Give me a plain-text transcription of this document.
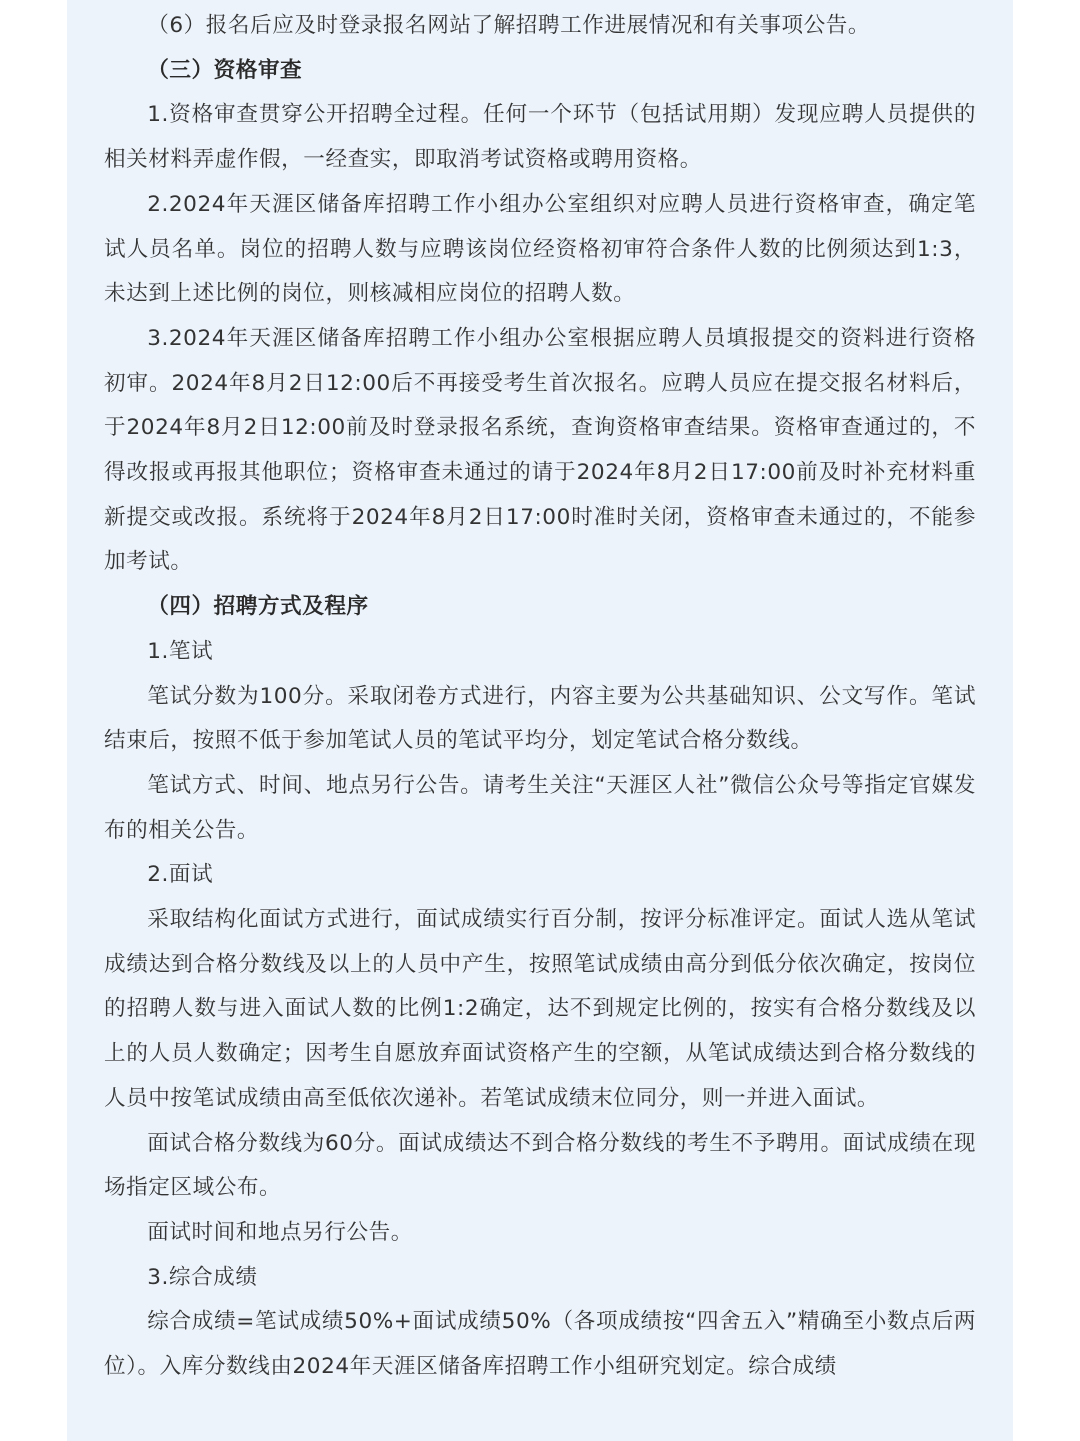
（6）报名后应及时登录报名网站了解招聘工作进展情况和有关事项公告。

（三）资格审查

1.资格审查贯穿公开招聘全过程。任何一个环节（包括试用期）发现应聘人员提供的相关材料弄虚作假，一经查实，即取消考试资格或聘用资格。

2.2024年天涯区储备库招聘工作小组办公室组织对应聘人员进行资格审查，确定笔试人员名单。岗位的招聘人数与应聘该岗位经资格初审符合条件人数的比例须达到1:3，未达到上述比例的岗位，则核减相应岗位的招聘人数。

3.2024年天涯区储备库招聘工作小组办公室根据应聘人员填报提交的资料进行资格初审。2024年8月2日12:00后不再接受考生首次报名。应聘人员应在提交报名材料后，于2024年8月2日12:00前及时登录报名系统，查询资格审查结果。资格审查通过的，不得改报或再报其他职位；资格审查未通过的请于2024年8月2日17:00前及时补充材料重新提交或改报。系统将于2024年8月2日17:00时准时关闭，资格审查未通过的，不能参加考试。

（四）招聘方式及程序

1.笔试

笔试分数为100分。采取闭卷方式进行，内容主要为公共基础知识、公文写作。笔试结束后，按照不低于参加笔试人员的笔试平均分，划定笔试合格分数线。

笔试方式、时间、地点另行公告。请考生关注“天涯区人社”微信公众号等指定官媒发布的相关公告。

2.面试

采取结构化面试方式进行，面试成绩实行百分制，按评分标准评定。面试人选从笔试成绩达到合格分数线及以上的人员中产生，按照笔试成绩由高分到低分依次确定，按岗位的招聘人数与进入面试人数的比例1:2确定，达不到规定比例的，按实有合格分数线及以上的人员人数确定；因考生自愿放弃面试资格产生的空额，从笔试成绩达到合格分数线的人员中按笔试成绩由高至低依次递补。若笔试成绩末位同分，则一并进入面试。

面试合格分数线为60分。面试成绩达不到合格分数线的考生不予聘用。面试成绩在现场指定区域公布。

面试时间和地点另行公告。

3.综合成绩

综合成绩=笔试成绩50%+面试成绩50%（各项成绩按“四舍五入”精确至小数点后两位）。入库分数线由2024年天涯区储备库招聘工作小组研究划定。综合成绩
